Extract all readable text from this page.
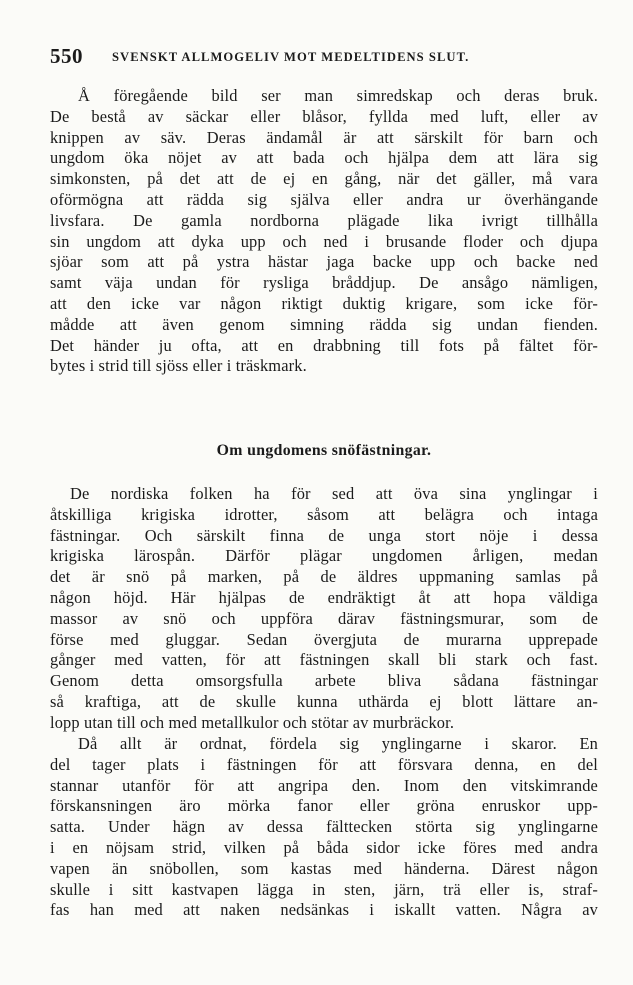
550 SVENSKT ALLMOGELIV MOT MEDELTIDENS SLUT.
Å föregående bild ser man simredskap och deras bruk.
De bestå av säckar eller blåsor, fyllda med luft, eller av
knippen av säv. Deras ändamål är att särskilt för barn och
ungdom öka nöjet av att bada och hjälpa dem att lära sig
simkonsten, på det att de ej en gång, när det gäller, må vara
oförmögna att rädda sig själva eller andra ur överhängande
livsfara. De gamla nordborna plägade lika ivrigt tillhålla
sin ungdom att dyka upp och ned i brusande floder och djupa
sjöar som att på ystra hästar jaga backe upp och backe ned
samt väja undan för rysliga bråddjup. De ansågo nämligen,
att den icke var någon riktigt duktig krigare, som icke för-
mådde att även genom simning rädda sig undan fienden.
Det händer ju ofta, att en drabbning till fots på fältet för-
bytes i strid till sjöss eller i träskmark.
Om ungdomens snöfästningar.
De nordiska folken ha för sed att öva sina ynglingar i
åtskilliga krigiska idrotter, såsom att belägra och intaga
fästningar. Och särskilt finna de unga stort nöje i dessa
krigiska lärospån. Därför plägar ungdomen årligen, medan
det är snö på marken, på de äldres uppmaning samlas på
någon höjd. Här hjälpas de endräktigt åt att hopa väldiga
massor av snö och uppföra därav fästningsmurar, som de
förse med gluggar. Sedan övergjuta de murarna upprepade
gånger med vatten, för att fästningen skall bli stark och fast.
Genom detta omsorgsfulla arbete bliva sådana fästningar
så kraftiga, att de skulle kunna uthärda ej blott lättare an-
lopp utan till och med metallkulor och stötar av murbräckor.
Då allt är ordnat, fördela sig ynglingarne i skaror. En
del tager plats i fästningen för att försvara denna, en del
stannar utanför för att angripa den. Inom den vitskimrande
förskansningen äro mörka fanor eller gröna enruskor upp-
satta. Under hägn av dessa fälttecken störta sig ynglingarne
i en nöjsam strid, vilken på båda sidor icke föres med andra
vapen än snöbollen, som kastas med händerna. Därest någon
skulle i sitt kastvapen lägga in sten, järn, trä eller is, straf-
fas han med att naken nedsänkas i iskallt vatten. Några av
